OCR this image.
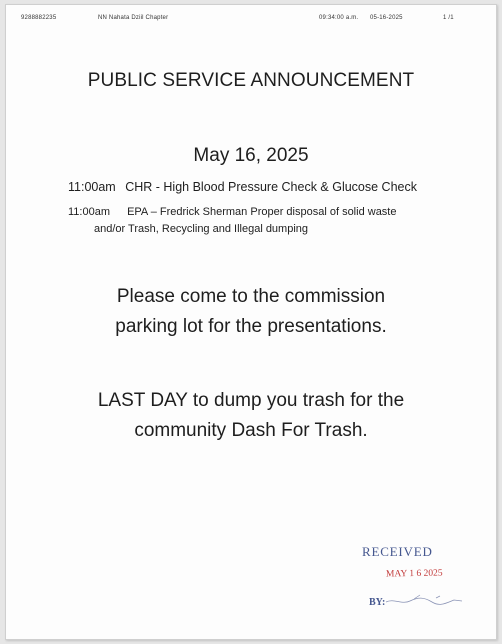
9288882235	NN Nahata Dziil Chapter	09:34:00 a.m. 05-16-2025	1 /1
PUBLIC SERVICE ANNOUNCEMENT
May 16, 2025
11:00am CHR - High Blood Pressure Check & Glucose Check
11:00am EPA – Fredrick Sherman Proper disposal of solid waste
and/or Trash, Recycling and Illegal dumping
Please come to the commission
parking lot for the presentations.
LAST DAY to dump you trash for the
community Dash For Trash.
RECEIVED
MAY 1 6 2025
BY:
